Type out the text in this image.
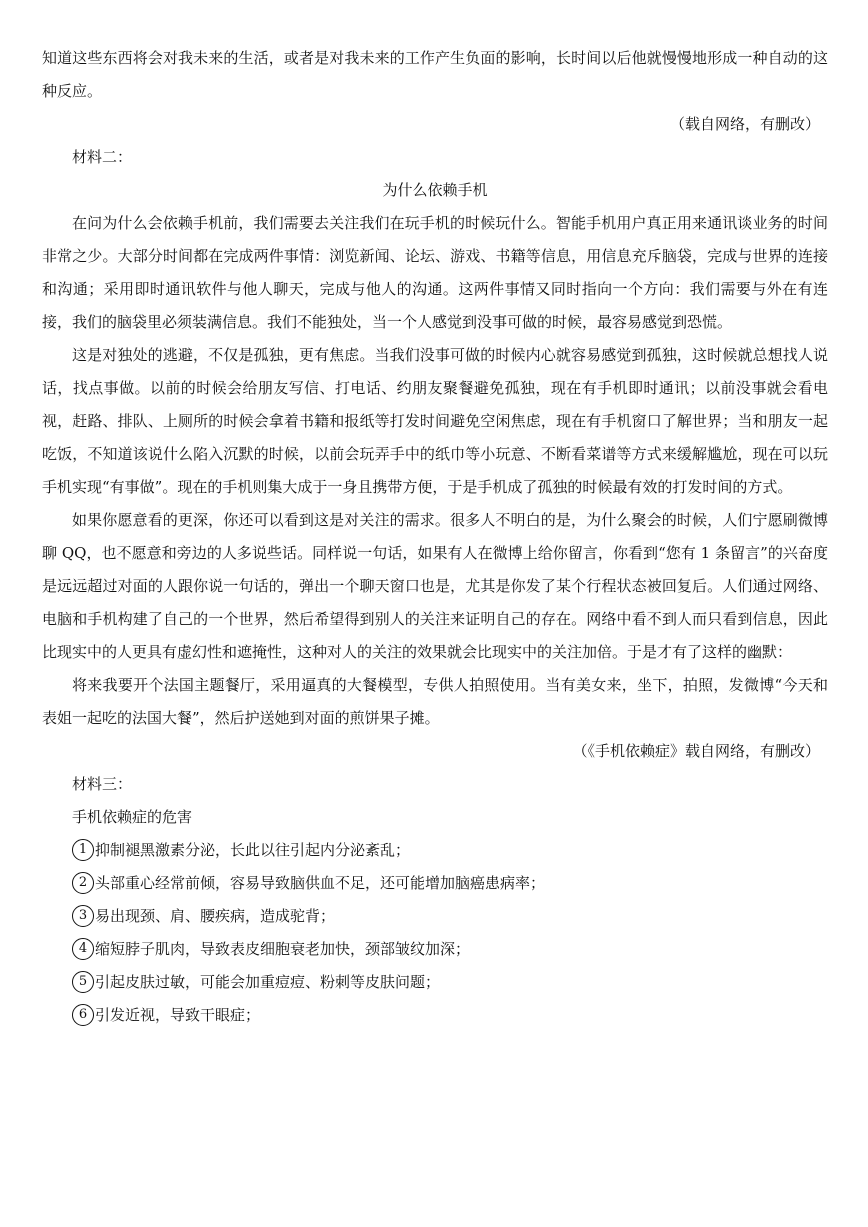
知道这些东西将会对我未来的生活，或者是对我未来的工作产生负面的影响，长时间以后他就慢慢地形成一种自动的这种反应。

（载自网络，有删改）

材料二：

为什么依赖手机

在问为什么会依赖手机前，我们需要去关注我们在玩手机的时候玩什么。智能手机用户真正用来通讯谈业务的时间非常之少。大部分时间都在完成两件事情：浏览新闻、论坛、游戏、书籍等信息，用信息充斥脑袋，完成与世界的连接和沟通；采用即时通讯软件与他人聊天，完成与他人的沟通。这两件事情又同时指向一个方向：我们需要与外在有连接，我们的脑袋里必须装满信息。我们不能独处，当一个人感觉到没事可做的时候，最容易感觉到恐慌。

这是对独处的逃避，不仅是孤独，更有焦虑。当我们没事可做的时候内心就容易感觉到孤独，这时候就总想找人说话，找点事做。以前的时候会给朋友写信、打电话、约朋友聚餐避免孤独，现在有手机即时通讯；以前没事就会看电视，赶路、排队、上厕所的时候会拿着书籍和报纸等打发时间避免空闲焦虑，现在有手机窗口了解世界；当和朋友一起吃饭，不知道该说什么陷入沉默的时候，以前会玩弄手中的纸巾等小玩意、不断看菜谱等方式来缓解尴尬，现在可以玩手机实现“有事做”。现在的手机则集大成于一身且携带方便，于是手机成了孤独的时候最有效的打发时间的方式。

如果你愿意看的更深，你还可以看到这是对关注的需求。很多人不明白的是，为什么聚会的时候，人们宁愿刷微博聊 QQ，也不愿意和旁边的人多说些话。同样说一句话，如果有人在微博上给你留言，你看到“您有 1 条留言”的兴奋度是远远超过对面的人跟你说一句话的，弹出一个聊天窗口也是，尤其是你发了某个行程状态被回复后。人们通过网络、电脑和手机构建了自己的一个世界，然后希望得到别人的关注来证明自己的存在。网络中看不到人而只看到信息，因此比现实中的人更具有虚幻性和遮掩性，这种对人的关注的效果就会比现实中的关注加倍。于是才有了这样的幽默：

将来我要开个法国主题餐厅，采用逼真的大餐模型，专供人拍照使用。当有美女来，坐下，拍照，发微博“今天和表姐一起吃的法国大餐”，然后护送她到对面的煎饼果子摊。

（《手机依赖症》载自网络，有删改）

材料三：

手机依赖症的危害

1 抑制褪黑激素分泌，长此以往引起内分泌紊乱；

2 头部重心经常前倾，容易导致脑供血不足，还可能增加脑癌患病率；

3 易出现颈、肩、腰疾病，造成驼背；

4 缩短脖子肌肉，导致表皮细胞衰老加快，颈部皱纹加深；

5 引起皮肤过敏，可能会加重痘痘、粉刺等皮肤问题；

6 引发近视，导致干眼症；
